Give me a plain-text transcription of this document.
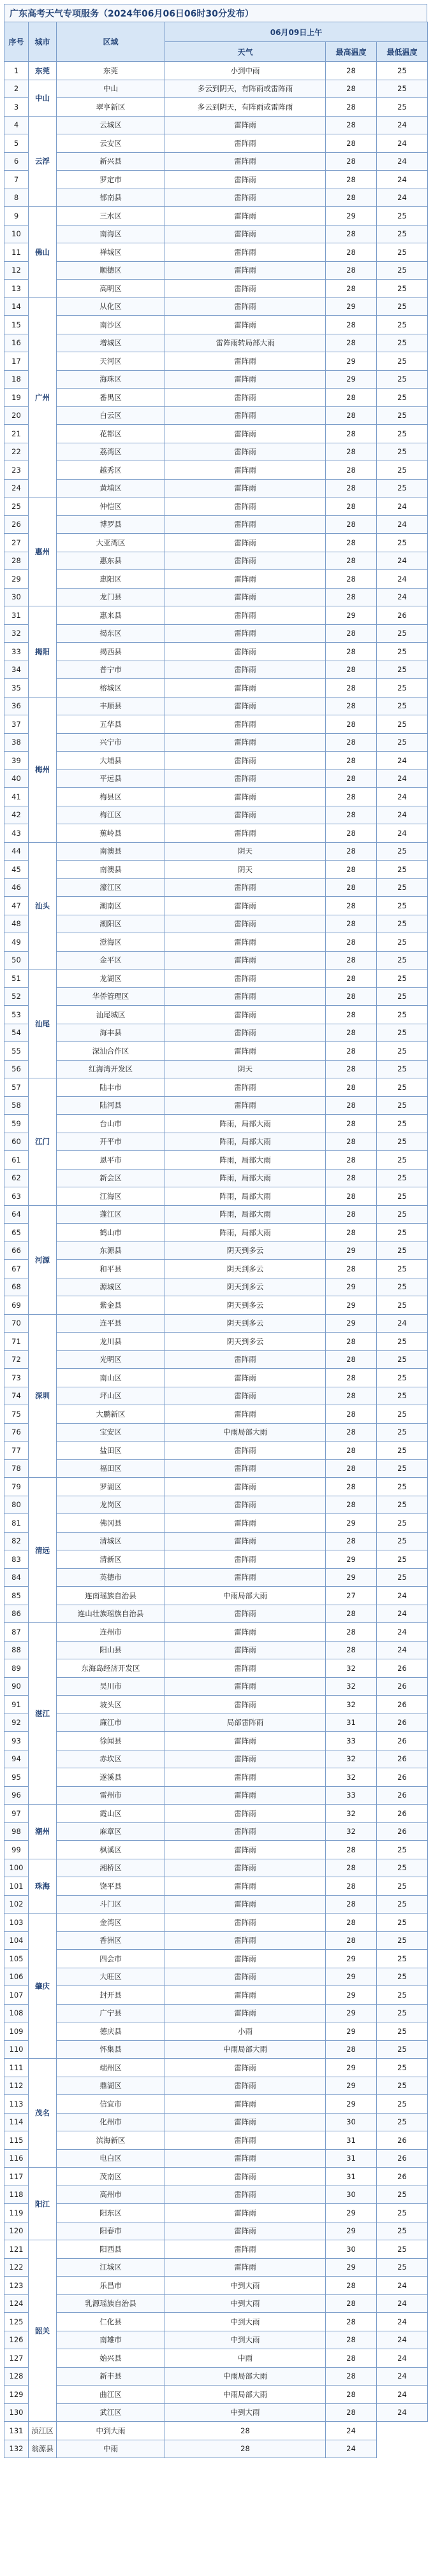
广东高考天气专项服务（2024年06月06日06时30分发布）
序号	城市	区域	06月09日上午		
			天气	最高温度	最低温度
1	东莞	东莞	小到中雨	28	25
2	中山	中山	多云到阴天，有阵雨或雷阵雨	28	25
3		翠亨新区	多云到阴天，有阵雨或雷阵雨	28	25
4	云浮	云城区	雷阵雨	28	24
5		云安区	雷阵雨	28	24
6		新兴县	雷阵雨	28	24
7		罗定市	雷阵雨	28	24
8		郁南县	雷阵雨	28	24
9	佛山	三水区	雷阵雨	29	25
10		南海区	雷阵雨	28	25
11		禅城区	雷阵雨	28	25
12		顺德区	雷阵雨	28	25
13		高明区	雷阵雨	28	25
14	广州	从化区	雷阵雨	29	25
15		南沙区	雷阵雨	28	25
16		增城区	雷阵雨转局部大雨	28	25
17		天河区	雷阵雨	29	25
18		海珠区	雷阵雨	29	25
19		番禺区	雷阵雨	28	25
20		白云区	雷阵雨	28	25
21		花都区	雷阵雨	28	25
22		荔湾区	雷阵雨	28	25
23		越秀区	雷阵雨	28	25
24		黄埔区	雷阵雨	28	25
25	惠州	仲恺区	雷阵雨	28	24
26		博罗县	雷阵雨	28	24
27		大亚湾区	雷阵雨	28	25
28		惠东县	雷阵雨	28	24
29		惠阳区	雷阵雨	28	24
30		龙门县	雷阵雨	28	24
31	揭阳	惠来县	雷阵雨	29	26
32		揭东区	雷阵雨	28	25
33		揭西县	雷阵雨	28	25
34		普宁市	雷阵雨	28	25
35		榕城区	雷阵雨	28	25
36	梅州	丰顺县	雷阵雨	28	25
37		五华县	雷阵雨	28	25
38		兴宁市	雷阵雨	28	25
39		大埔县	雷阵雨	28	24
40		平远县	雷阵雨	28	24
41		梅县区	雷阵雨	28	24
42		梅江区	雷阵雨	28	24
43		蕉岭县	雷阵雨	28	24
44	汕头	南澳县	阴天	28	25
45		南澳县	阴天	28	25
46		濠江区	雷阵雨	28	25
47		潮南区	雷阵雨	28	25
48		潮阳区	雷阵雨	28	25
49		澄海区	雷阵雨	28	25
50		金平区	雷阵雨	28	25
51	汕尾	龙湖区	雷阵雨	28	25
52		华侨管理区	雷阵雨	28	25
53		汕尾城区	雷阵雨	28	25
54		海丰县	雷阵雨	28	25
55		深汕合作区	雷阵雨	28	25
56		红海湾开发区	阴天	28	25
57	江门	陆丰市	雷阵雨	28	25
58		陆河县	雷阵雨	28	25
59		台山市	阵雨，局部大雨	28	25
60		开平市	阵雨，局部大雨	28	25
61		恩平市	阵雨，局部大雨	28	25
62		新会区	阵雨，局部大雨	28	25
63		江海区	阵雨，局部大雨	28	25
64	河源	蓬江区	阵雨，局部大雨	28	25
65		鹤山市	阵雨，局部大雨	28	25
66		东源县	阴天到多云	29	25
67		和平县	阴天到多云	28	25
68		源城区	阴天到多云	29	25
69		紫金县	阴天到多云	29	25
70	深圳	连平县	阴天到多云	29	24
71		龙川县	阴天到多云	28	25
72		光明区	雷阵雨	28	25
73		南山区	雷阵雨	28	25
74		坪山区	雷阵雨	28	25
75		大鹏新区	雷阵雨	28	25
76		宝安区	中雨局部大雨	28	25
77		盐田区	雷阵雨	28	25
78		福田区	雷阵雨	28	25
79	清远	罗湖区	雷阵雨	28	25
80		龙岗区	雷阵雨	28	25
81		佛冈县	雷阵雨	29	25
82		清城区	雷阵雨	28	25
83		清新区	雷阵雨	29	25
84		英德市	雷阵雨	29	25
85		连南瑶族自治县	中雨局部大雨	27	24
86		连山壮族瑶族自治县	雷阵雨	28	24
87	湛江	连州市	雷阵雨	28	24
88		阳山县	雷阵雨	28	24
89		东海岛经济开发区	雷阵雨	32	26
90		吴川市	雷阵雨	32	26
91		坡头区	雷阵雨	32	26
92		廉江市	局部雷阵雨	31	26
93		徐闻县	雷阵雨	33	26
94		赤坎区	雷阵雨	32	26
95		遂溪县	雷阵雨	32	26
96		雷州市	雷阵雨	33	26
97	潮州	霞山区	雷阵雨	32	26
98		麻章区	雷阵雨	32	26
99		枫溪区	雷阵雨	28	25
100	珠海	湘桥区	雷阵雨	28	25
101		饶平县	雷阵雨	28	25
102		斗门区	雷阵雨	28	25
103	肇庆	金湾区	雷阵雨	28	25
104		香洲区	雷阵雨	28	25
105		四会市	雷阵雨	29	25
106		大旺区	雷阵雨	29	25
107		封开县	雷阵雨	29	25
108		广宁县	雷阵雨	29	25
109		德庆县	小雨	29	25
110		怀集县	中雨局部大雨	28	25
111	茂名	端州区	雷阵雨	29	25
112		鼎湖区	雷阵雨	29	25
113		信宜市	雷阵雨	29	25
114		化州市	雷阵雨	30	25
115		滨海新区	雷阵雨	31	26
116		电白区	雷阵雨	31	26
117	阳江	茂南区	雷阵雨	31	26
118		高州市	雷阵雨	30	25
119		阳东区	雷阵雨	29	25
120		阳春市	雷阵雨	29	25
121	韶关	阳西县	雷阵雨	30	25
122		江城区	雷阵雨	29	25
123		乐昌市	中到大雨	28	24
124		乳源瑶族自治县	中到大雨	28	24
125		仁化县	中到大雨	28	24
126		南雄市	中到大雨	28	24
127		始兴县	中雨	28	24
128		新丰县	中雨局部大雨	28	24
129		曲江区	中雨局部大雨	28	24
130		武江区	中到大雨	28	24
131	浈江区	中到大雨	28	24	
132	翁源县	中雨	28	24	
